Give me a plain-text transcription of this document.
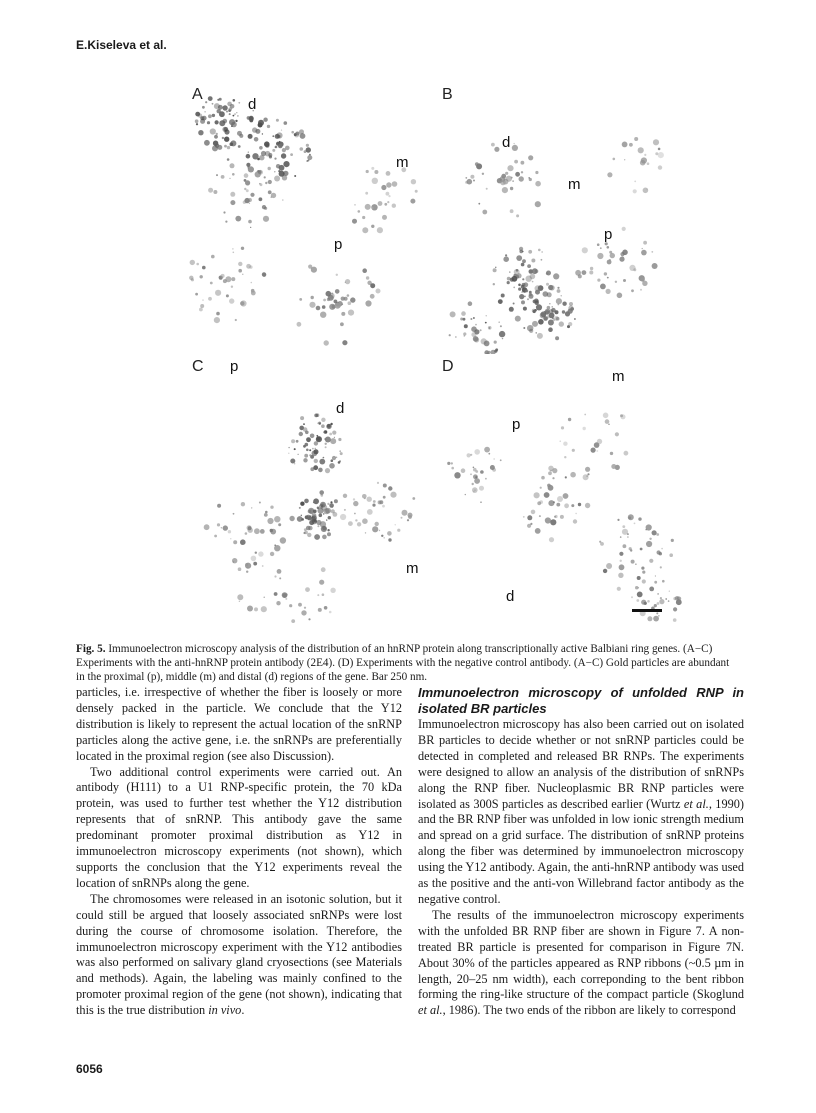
E.Kiseleva et al.
A
d
m
p
B
d
m
p
C p
d
m
D
m
p
d
Fig. 5. Immunoelectron microscopy analysis of the distribution of an hnRNP protein along transcriptionally active Balbiani ring genes. (A−C) Experiments with the anti-hnRNP protein antibody (2E4). (D) Experiments with the negative control antibody. (A−C) Gold particles are abundant in the proximal (p), middle (m) and distal (d) regions of the gene. Bar 250 nm.

particles, i.e. irrespective of whether the fiber is loosely or more densely packed in the particle. We conclude that the Y12 distribution is likely to represent the actual location of the snRNP particles along the active gene, i.e. the snRNPs are preferentially located in the proximal region (see also Discussion).

Two additional control experiments were carried out. An antibody (H111) to a U1 RNP-specific protein, the 70 kDa protein, was used to further test whether the Y12 distribution represents that of snRNP. This antibody gave the same predominant promoter proximal distribution as Y12 in immunoelectron microscopy experiments (not shown), which supports the conclusion that the Y12 experiments reveal the location of snRNPs along the gene.

The chromosomes were released in an isotonic solution, but it could still be argued that loosely associated snRNPs were lost during the course of chromosome isolation. Therefore, the immunoelectron microscopy experiment with the Y12 antibodies was also performed on salivary gland cryosections (see Materials and methods). Again, the labeling was mainly confined to the promoter proximal region of the gene (not shown), indicating that this is the true distribution in vivo.

Immunoelectron microscopy of unfolded RNP in isolated BR particles

Immunoelectron microscopy has also been carried out on isolated BR particles to decide whether or not snRNP particles could be detected in completed and released BR RNPs. The experiments were designed to allow an analysis of the distribution of snRNPs along the RNP fiber. Nucleoplasmic BR RNP particles were isolated as 300S particles as described earlier (Wurtz et al., 1990) and the BR RNP fiber was unfolded in low ionic strength medium and spread on a grid surface. The distribution of snRNP proteins along the fiber was determined by immunoelectron microscopy using the Y12 antibody. Again, the anti-hnRNP antibody was used as the positive and the anti-von Willebrand factor antibody as the negative control.

The results of the immunoelectron microscopy experiments with the unfolded BR RNP fiber are shown in Figure 7. A non-treated BR particle is presented for comparison in Figure 7N. About 30% of the particles appeared as RNP ribbons (~0.5 µm in length, 20–25 nm width), each correponding to the bent ribbon forming the ring-like structure of the compact particle (Skoglund et al., 1986). The two ends of the ribbon are likely to correspond

6056
